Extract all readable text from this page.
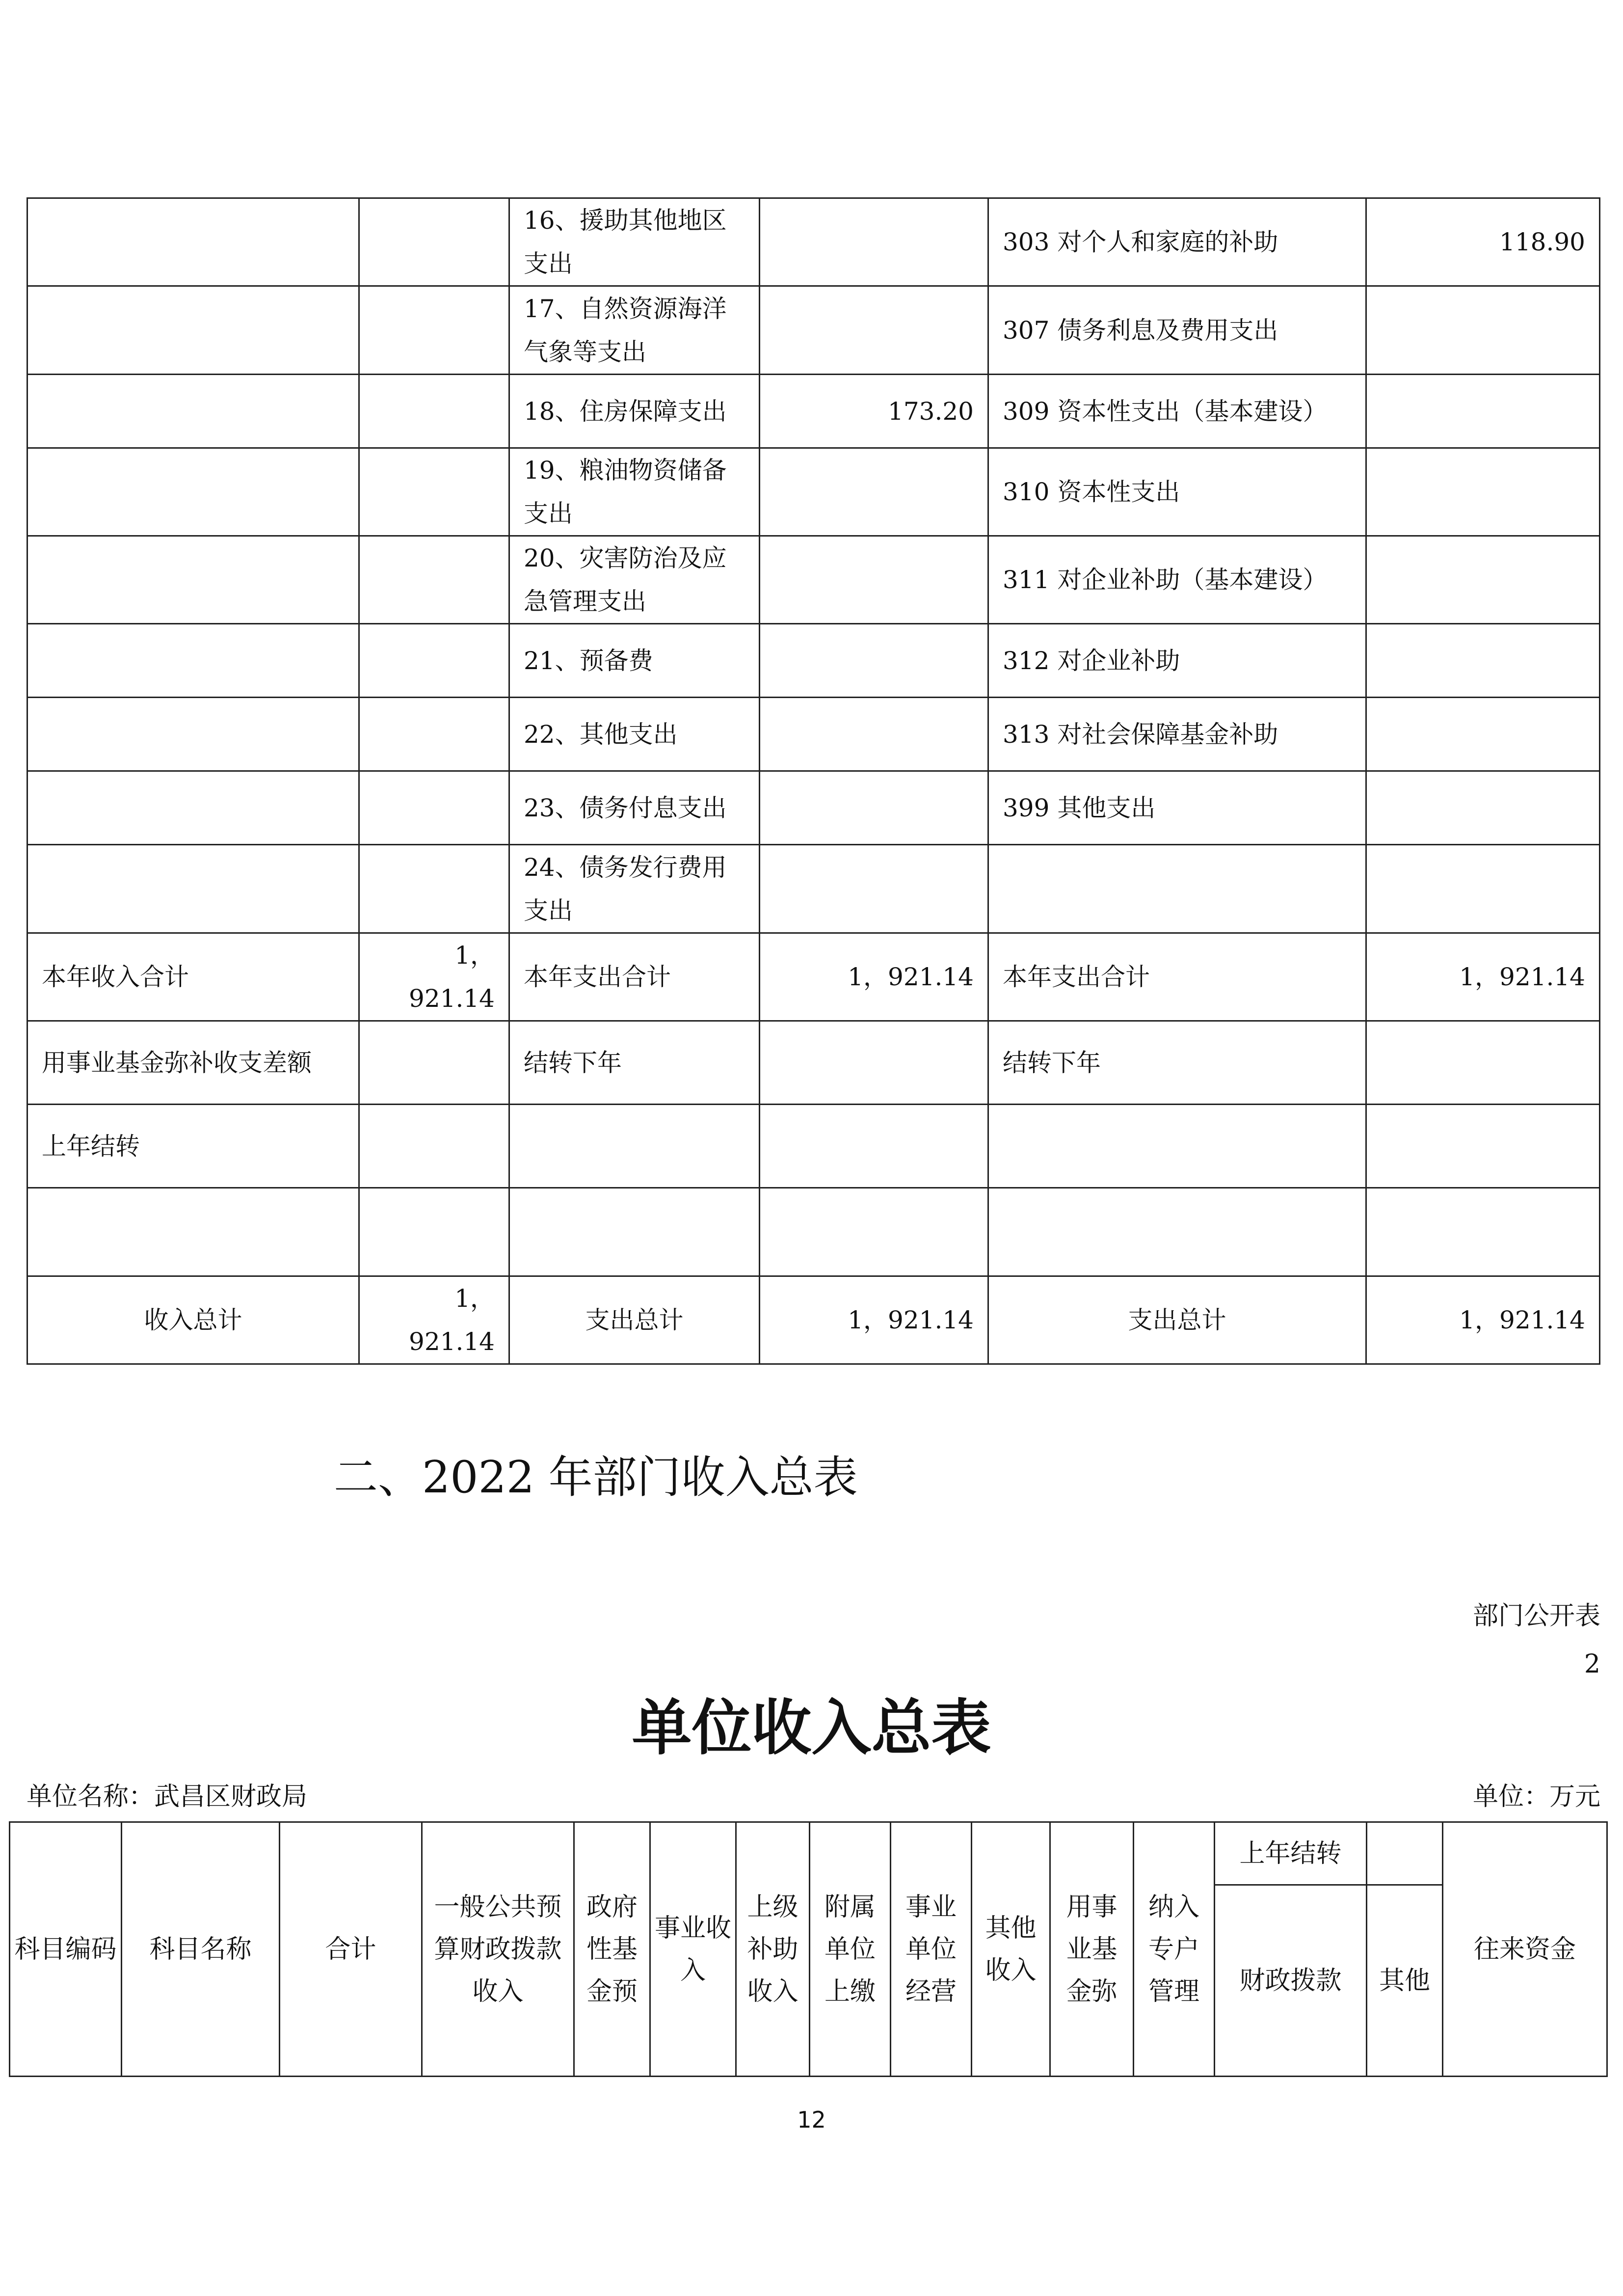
		16、援助其他地区支出		303 对个人和家庭的补助	118.90
		17、自然资源海洋气象等支出		307 债务利息及费用支出	
		18、住房保障支出	173.20	309 资本性支出（基本建设）	
		19、粮油物资储备支出		310 资本性支出	
		20、灾害防治及应急管理支出		311 对企业补助（基本建设）	
		21、预备费		312 对企业补助	
		22、其他支出		313 对社会保障基金补助	
		23、债务付息支出		399 其他支出	
		24、债务发行费用支出			
本年收入合计	1，921.14	本年支出合计	1，921.14	本年支出合计	1，921.14
用事业基金弥补收支差额		结转下年		结转下年	
上年结转					

收入总计	1，921.14	支出总计	1，921.14	支出总计	1，921.14
二、2022 年部门收入总表
部门公开表
2
单位收入总表
单位名称：武昌区财政局	单位：万元
科目编码	科目名称	合计	一般公共预算财政拨款收入	政府性基金预	事业收入	上级补助收入	附属单位上缴	事业单位经营	其他收入	用事业基金弥	纳入专户管理	上年结转		往来资金
												财政拨款	其他	
12
